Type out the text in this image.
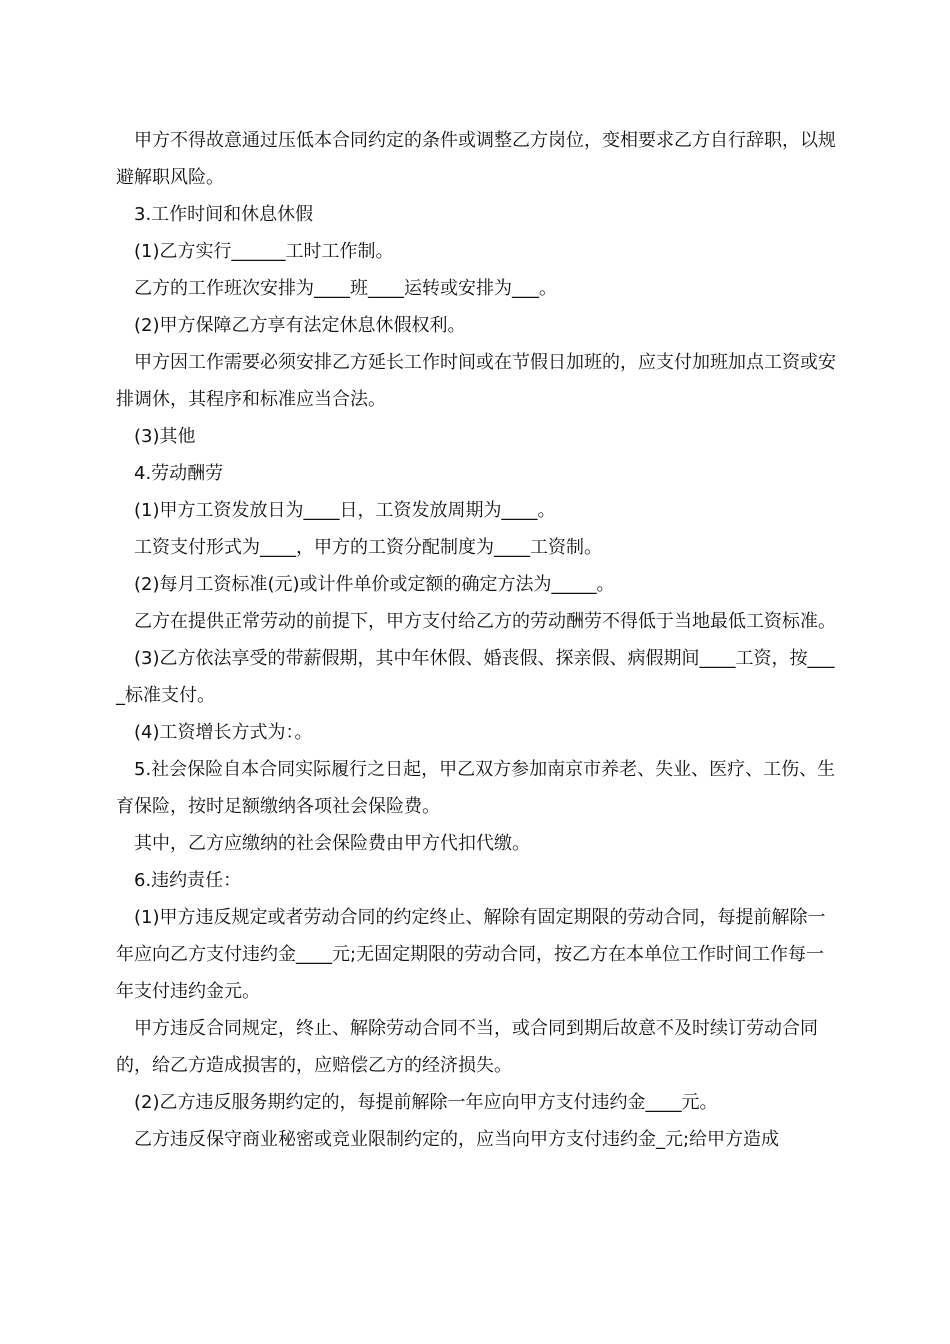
甲方不得故意通过压低本合同约定的条件或调整乙方岗位，变相要求乙方自行辞职，以规避解职风险。

3.工作时间和休息休假

(1)乙方实行______工时工作制。

乙方的工作班次安排为____班____运转或安排为___。

(2)甲方保障乙方享有法定休息休假权利。

甲方因工作需要必须安排乙方延长工作时间或在节假日加班的，应支付加班加点工资或安排调休，其程序和标准应当合法。

(3)其他

4.劳动酬劳

(1)甲方工资发放日为____日，工资发放周期为____。

工资支付形式为____，甲方的工资分配制度为____工资制。

(2)每月工资标准(元)或计件单价或定额的确定方法为_____。

乙方在提供正常劳动的前提下，甲方支付给乙方的劳动酬劳不得低于当地最低工资标准。

(3)乙方依法享受的带薪假期，其中年休假、婚丧假、探亲假、病假期间____工资，按____标准支付。

(4)工资增长方式为：。

5.社会保险自本合同实际履行之日起，甲乙双方参加南京市养老、失业、医疗、工伤、生育保险，按时足额缴纳各项社会保险费。

其中，乙方应缴纳的社会保险费由甲方代扣代缴。

6.违约责任：

(1)甲方违反规定或者劳动合同的约定终止、解除有固定期限的劳动合同，每提前解除一年应向乙方支付违约金____元;无固定期限的劳动合同，按乙方在本单位工作时间工作每一年支付违约金元。

甲方违反合同规定，终止、解除劳动合同不当，或合同到期后故意不及时续订劳动合同的，给乙方造成损害的，应赔偿乙方的经济损失。

(2)乙方违反服务期约定的，每提前解除一年应向甲方支付违约金____元。

乙方违反保守商业秘密或竞业限制约定的，应当向甲方支付违约金_元;给甲方造成
